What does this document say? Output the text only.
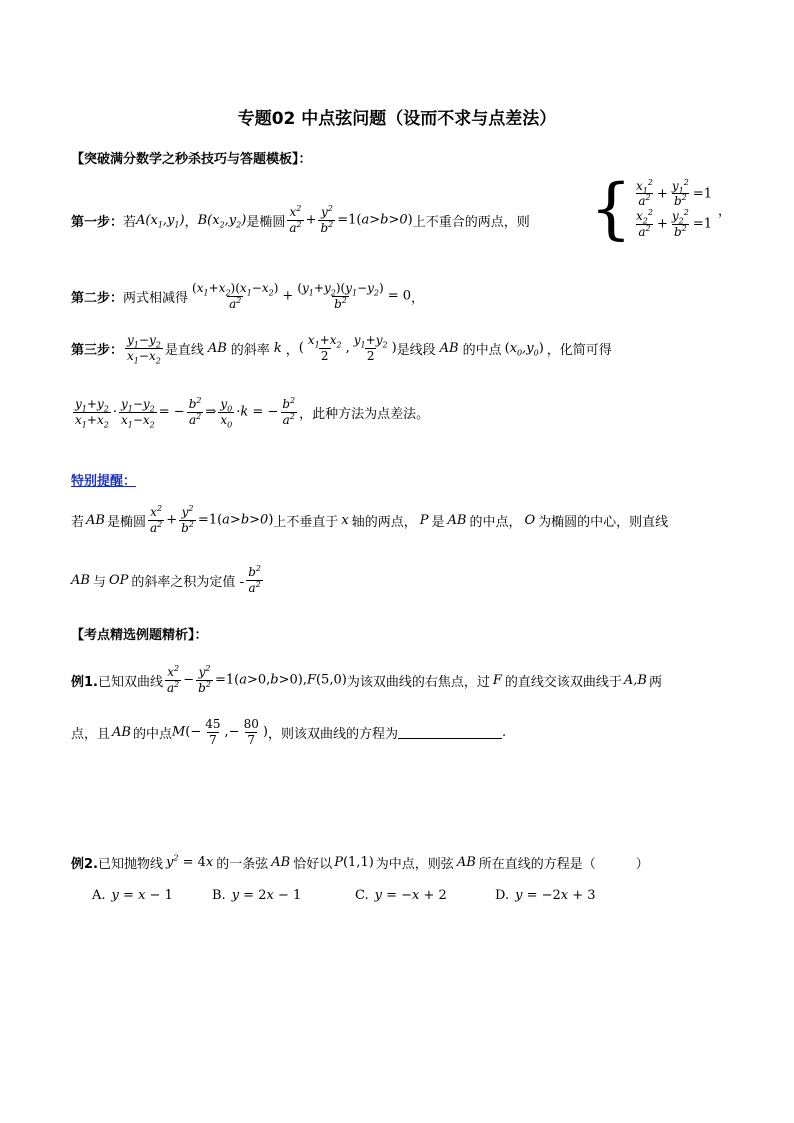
专题02 中点弦问题（设而不求与点差法）
【突破满分数学之秒杀技巧与答题模板】：
第一步： 若 $A(x_1,y_1)$ ， $B(x_2,y_2)$ 是椭圆 $\frac{x^2}{a^2} + \frac{y^2}{b^2} =1(a>b>0)$ 上不重合的两点，则 { $\frac{x_1^2}{a^2} + \frac{y_1^2}{b^2} =1$
$\frac{x_2^2}{a^2} + \frac{y_2^2}{b^2} =1$
，
第二步： 两式相减得 $\frac{(x_1+x_2)(x_1-x_2)}{a^2} + \frac{(y_1+y_2)(y_1-y_2)}{b^2} = 0$ ，
第三步： $\frac{y_1-y_2}{x_1-x_2}$ 是直线 AB 的斜率 k ， ( $\frac{x_1+x_2}{2}$ , $\frac{y_1+y_2}{2}$ ) 是线段 AB 的中点 $(x_0,y_0)$ ，化简可得
$\frac{y_1+y_2}{x_1+x_2} \cdot \frac{y_1-y_2}{x_1-x_2}$ = − $\frac{b^2}{a^2}$ ⇒ $\frac{y_0}{x_0} \cdot k$ = − $\frac{b^2}{a^2}$ ，此种方法为点差法。
特别提醒：
若 AB 是椭圆 $\frac{x^2}{a^2} + \frac{y^2}{b^2} =1(a>b>0)$ 上不垂直于 x 轴的两点， P 是 AB 的中点， O 为椭圆的中心，则直线
AB 与 OP 的斜率之积为定值 - $\frac{b^2}{a^2}$
【考点精选例题精析】：
例1. 已知双曲线 $\frac{x^2}{a^2} - \frac{y^2}{b^2} =1(a>0,b>0),F(5,0)$ 为该双曲线的右焦点，过 F 的直线交该双曲线于 A,B 两
点，且 AB 的中点 $M(- \frac{45}{7}$ ,− $\frac{80}{7}$ ) ，则该双曲线的方程为	.
例2. 已知抛物线 $y^2 = 4x$ 的一条弦 AB 恰好以 P(1,1) 为中点，则弦 AB 所在直线的方程是（	）
A. y = x − 1	B. y = 2x − 1	C. y = −x + 2	D. y = −2x + 3
